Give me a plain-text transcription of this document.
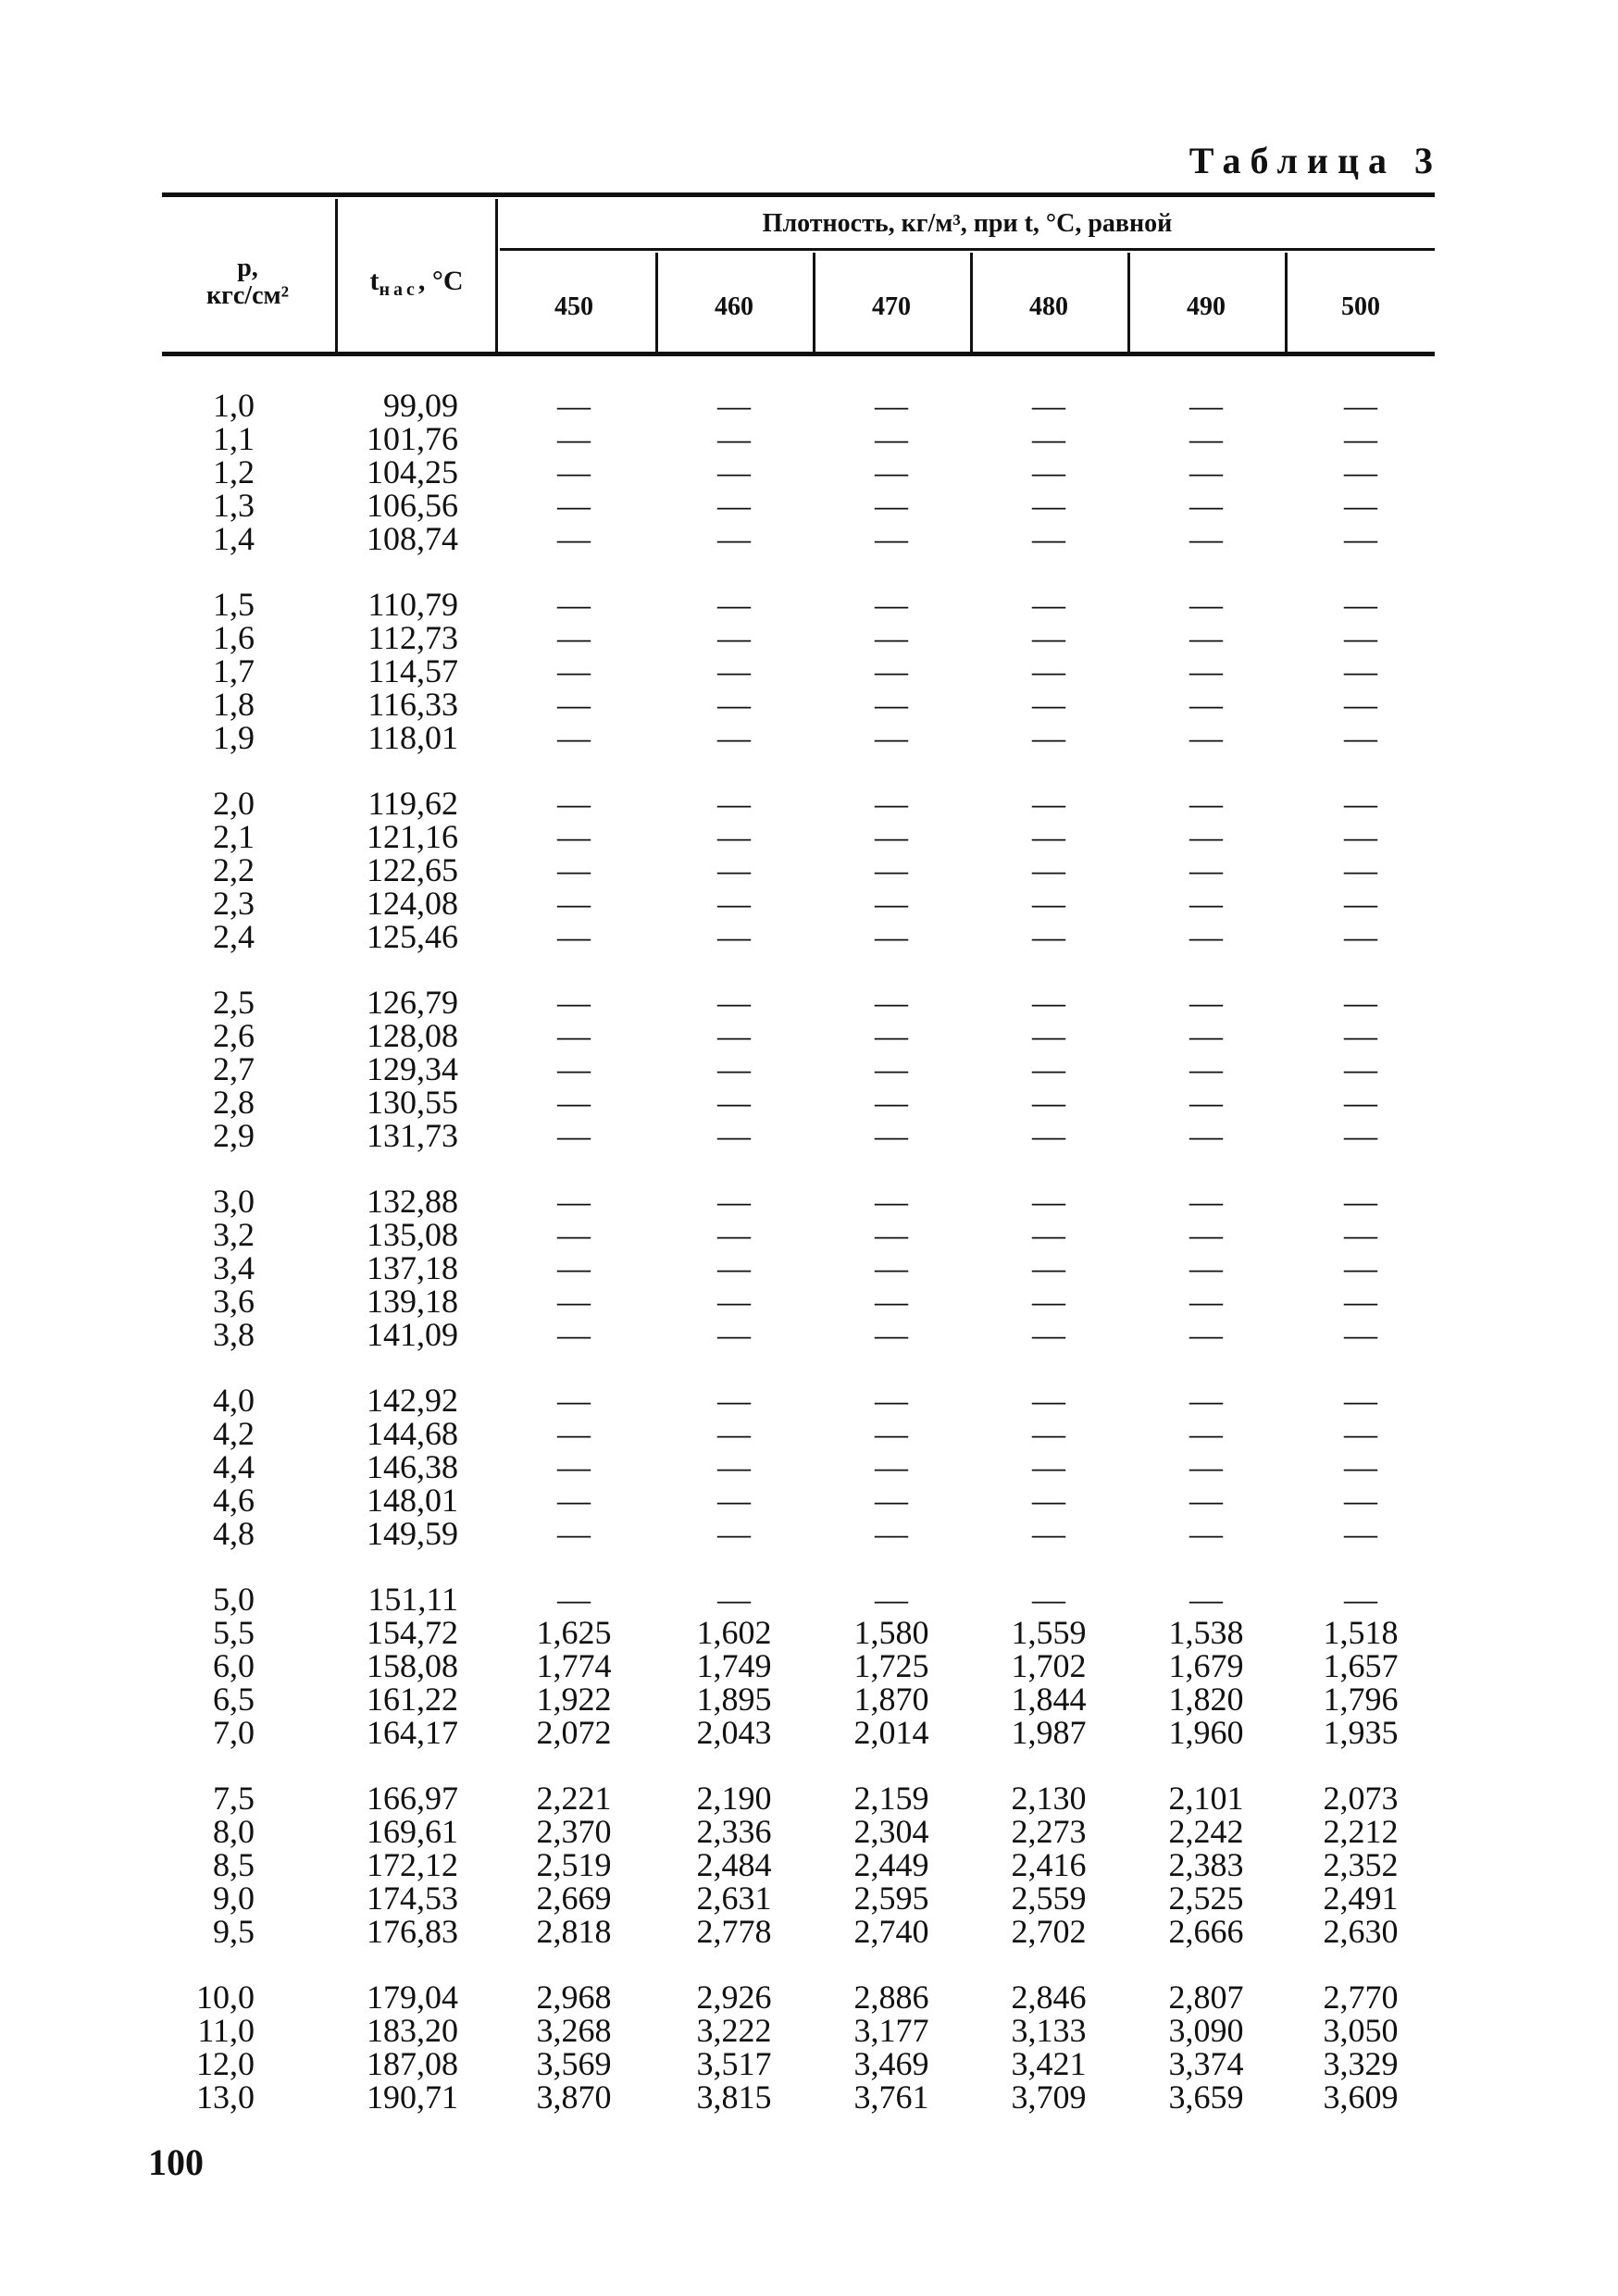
Таблица 3
р,
кгс/см²	$t_{нас}$, °С
Плотность, кг/м³, при t, °С, равной
450	460	470	480	490	500
1,0	99,09	—	—	—	—	—	—
1,1	101,76	—	—	—	—	—	—
1,2	104,25	—	—	—	—	—	—
1,3	106,56	—	—	—	—	—	—
1,4	108,74	—	—	—	—	—	—
1,5	110,79	—	—	—	—	—	—
1,6	112,73	—	—	—	—	—	—
1,7	114,57	—	—	—	—	—	—
1,8	116,33	—	—	—	—	—	—
1,9	118,01	—	—	—	—	—	—
2,0	119,62	—	—	—	—	—	—
2,1	121,16	—	—	—	—	—	—
2,2	122,65	—	—	—	—	—	—
2,3	124,08	—	—	—	—	—	—
2,4	125,46	—	—	—	—	—	—
2,5	126,79	—	—	—	—	—	—
2,6	128,08	—	—	—	—	—	—
2,7	129,34	—	—	—	—	—	—
2,8	130,55	—	—	—	—	—	—
2,9	131,73	—	—	—	—	—	—
3,0	132,88	—	—	—	—	—	—
3,2	135,08	—	—	—	—	—	—
3,4	137,18	—	—	—	—	—	—
3,6	139,18	—	—	—	—	—	—
3,8	141,09	—	—	—	—	—	—
4,0	142,92	—	—	—	—	—	—
4,2	144,68	—	—	—	—	—	—
4,4	146,38	—	—	—	—	—	—
4,6	148,01	—	—	—	—	—	—
4,8	149,59	—	—	—	—	—	—
5,0	151,11	—	—	—	—	—	—
5,5	154,72	1,625	1,602	1,580	1,559	1,538	1,518
6,0	158,08	1,774	1,749	1,725	1,702	1,679	1,657
6,5	161,22	1,922	1,895	1,870	1,844	1,820	1,796
7,0	164,17	2,072	2,043	2,014	1,987	1,960	1,935
7,5	166,97	2,221	2,190	2,159	2,130	2,101	2,073
8,0	169,61	2,370	2,336	2,304	2,273	2,242	2,212
8,5	172,12	2,519	2,484	2,449	2,416	2,383	2,352
9,0	174,53	2,669	2,631	2,595	2,559	2,525	2,491
9,5	176,83	2,818	2,778	2,740	2,702	2,666	2,630
10,0	179,04	2,968	2,926	2,886	2,846	2,807	2,770
11,0	183,20	3,268	3,222	3,177	3,133	3,090	3,050
12,0	187,08	3,569	3,517	3,469	3,421	3,374	3,329
13,0	190,71	3,870	3,815	3,761	3,709	3,659	3,609
100
